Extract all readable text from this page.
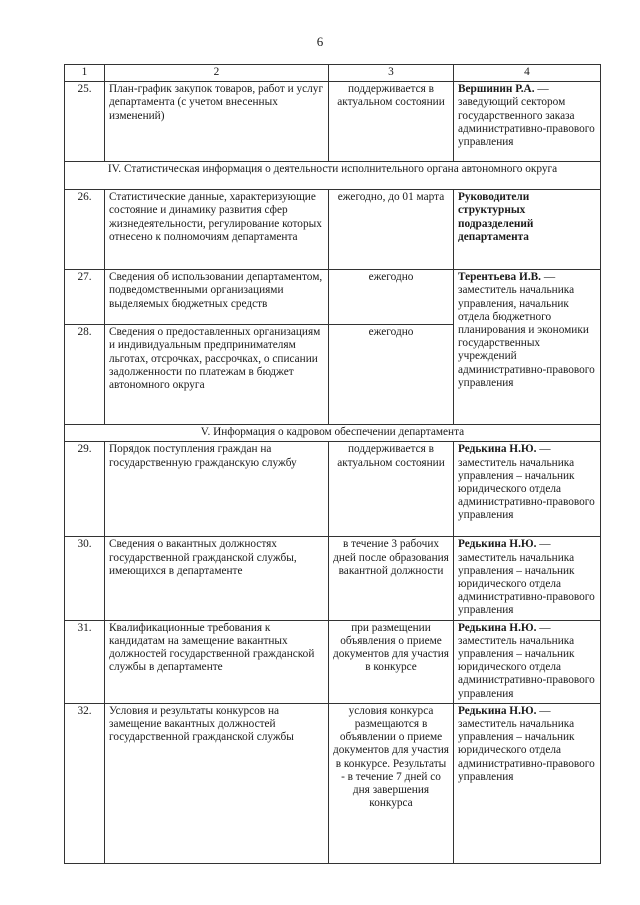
6
1	2	3	4
25.	План-график закупок товаров, работ и услуг департамента (с учетом внесенных изменений)	поддерживается в актуальном состоянии	Вершинин Р.А. — заведующий сектором государственного заказа административно-правового управления
IV. Статистическая информация о деятельности исполнительного органа автономного округа			
26.	Статистические данные, характеризующие состояние и динамику развития сфер жизнедеятельности, регулирование которых отнесено к полномочиям департамента	ежегодно, до 01 марта	Руководители структурных подразделений департамента
27.	Сведения об использовании департаментом, подведомственными организациями выделяемых бюджетных средств	ежегодно	Терентьева И.В. — заместитель начальника управления, начальник отдела бюджетного планирования и экономики государственных учреждений административно-правового управления
28.	Сведения о предоставленных организациям и индивидуальным предпринимателям льготах, отсрочках, рассрочках, о списании задолженности по платежам в бюджет автономного округа	ежегодно	
V. Информация о кадровом обеспечении департамента			
29.	Порядок поступления граждан на государственную гражданскую службу	поддерживается в актуальном состоянии	Редькина Н.Ю. — заместитель начальника управления – начальник юридического отдела административно-правового управления
30.	Сведения о вакантных должностях государственной гражданской службы, имеющихся в департаменте	в течение 3 рабочих дней после образования вакантной должности	Редькина Н.Ю. — заместитель начальника управления – начальник юридического отдела административно-правового управления
31.	Квалификационные требования к кандидатам на замещение вакантных должностей государственной гражданской службы в департаменте	при размещении объявления о приеме документов для участия в конкурсе	Редькина Н.Ю. — заместитель начальника управления – начальник юридического отдела административно-правового управления
32.	Условия и результаты конкурсов на замещение вакантных должностей государственной гражданской службы	условия конкурса размещаются в объявлении о приеме документов для участия в конкурсе. Результаты - в течение 7 дней со дня завершения конкурса	Редькина Н.Ю. — заместитель начальника управления – начальник юридического отдела административно-правового управления
